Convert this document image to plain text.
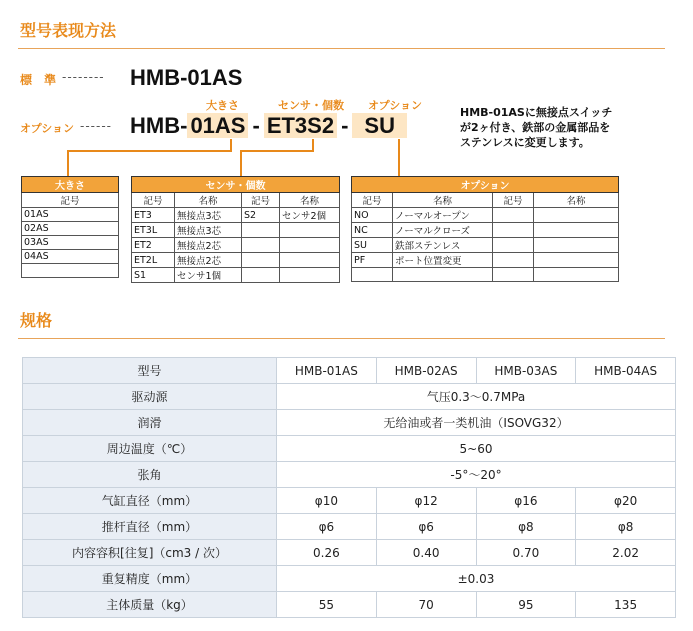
型号表现方法
標　準 -------- HMB-01AS
大きさ	センサ・個数 オプション
オプション ------ HMB- 01AS - ET3S2 - SU
HMB-01ASに無接点スイッチ
が2ヶ付き、鉄部の金属部品を
ステンレスに変更します。
大きさ
記号
01AS
02AS
03AS
04AS

センサ・個数			
記号	名称	記号	名称
ET3	無接点3芯	S2	センサ2個
ET3L	無接点3芯		
ET2	無接点2芯		
ET2L	無接点2芯		
S1	センサ1個		
オプション			
記号	名称	記号	名称
NO	ノーマルオープン		
NC	ノーマルクローズ		
SU	鉄部ステンレス		
PF	ポート位置変更		

规格
型号	HMB-01AS	HMB-02AS	HMB-03AS	HMB-04AS
驱动源	气压0.3～0.7MPa			
润滑	无给油或者一类机油（ISOVG32）			
周边温度（℃）	5~60			
张角	-5°～20°			
气缸直径（mm）	φ10	φ12	φ16	φ20
推杆直径（mm）	φ6	φ6	φ8	φ8
内容容积[往复]（cm3 / 次）	0.26	0.40	0.70	2.02
重复精度（mm）	±0.03			
主体质量（kg）	55	70	95	135
